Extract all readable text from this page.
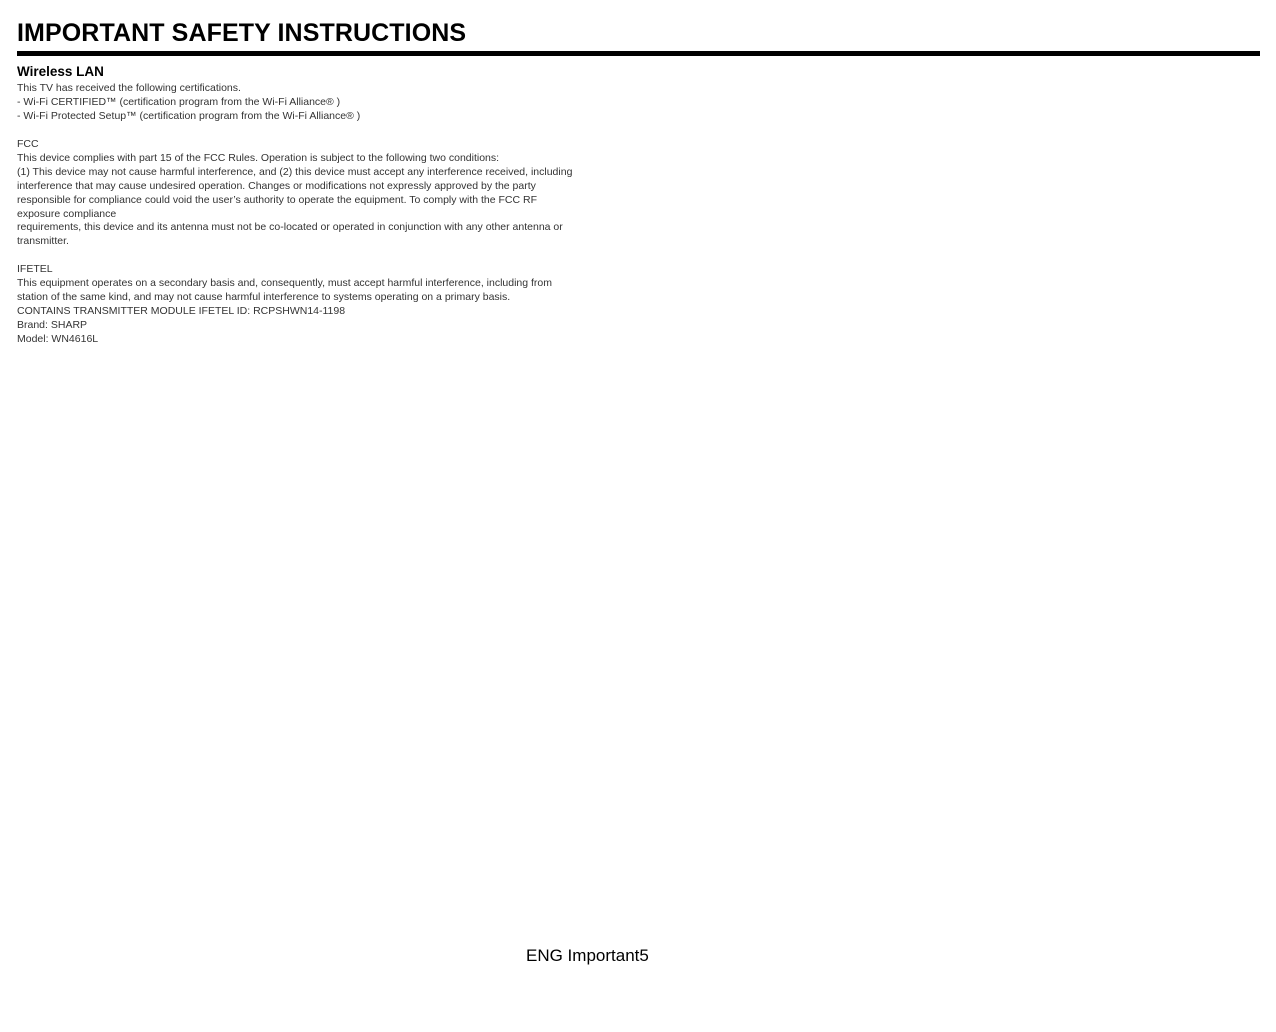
IMPORTANT SAFETY INSTRUCTIONS
Wireless LAN
This TV has received the following certifications.
- Wi-Fi CERTIFIED™ (certification program from the Wi-Fi Alliance® )
- Wi-Fi Protected Setup™ (certification program from the Wi-Fi Alliance® )
FCC
This device complies with part 15 of the FCC Rules. Operation is subject to the following two conditions:
(1) This device may not cause harmful interference, and (2) this device must accept any interference received, including
interference that may cause undesired operation. Changes or modifications not expressly approved by the party
responsible for compliance could void the user’s authority to operate the equipment. To comply with the FCC RF
exposure compliance
requirements, this device and its antenna must not be co-located or operated in conjunction with any other antenna or
transmitter.
IFETEL
This equipment operates on a secondary basis and, consequently, must accept harmful interference, including from
station of the same kind, and may not cause harmful interference to systems operating on a primary basis.
CONTAINS TRANSMITTER MODULE IFETEL ID: RCPSHWN14-1198
Brand: SHARP
Model: WN4616L
ENG Important5
